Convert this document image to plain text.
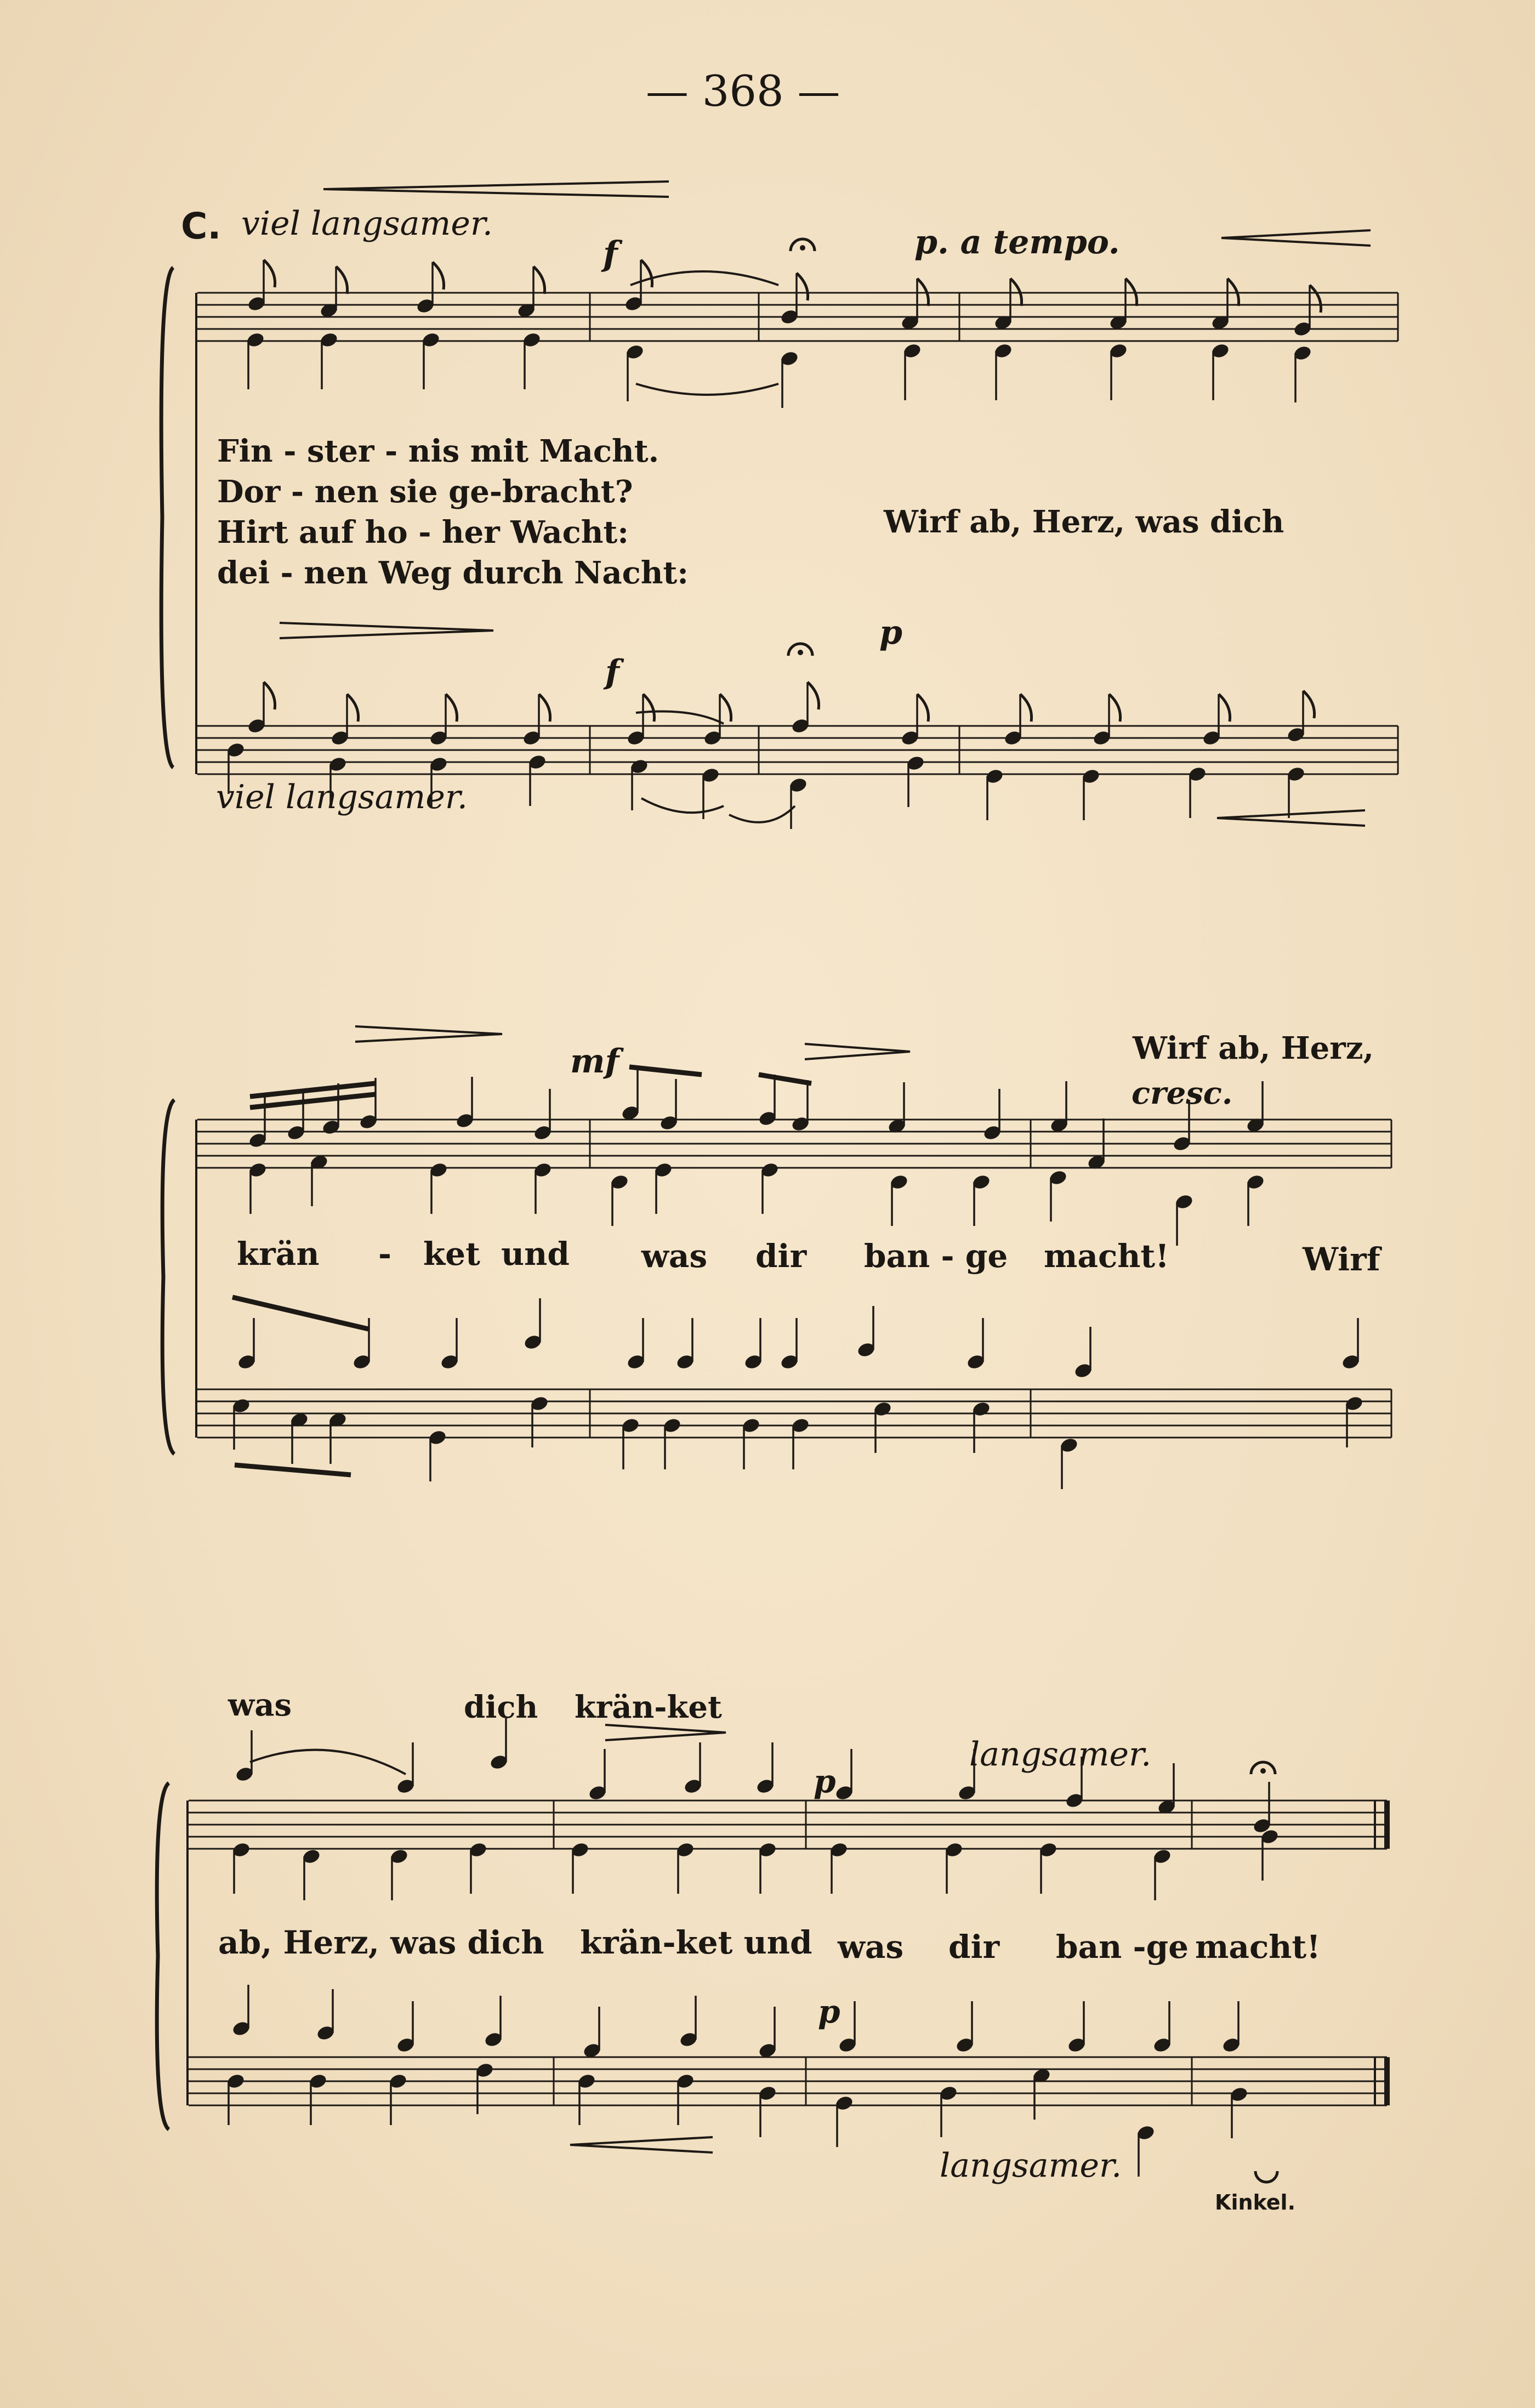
— 368 —
C. viel langsamer.
f	p. a tempo.
Fin - ster - nis mit Macht.
Dor - nen sie ge-bracht?
Hirt auf ho - her Wacht:
dei - nen Weg durch Nacht:
Wirf ab, Herz, was dich
f
p
viel langsamer.
mf	Wirf ab, Herz,
cresc.
krän - ket und was dir ban - ge macht!	Wirf
was	dich krän-ket
langsamer.
p
ab, Herz, was dich krän-ket und was dir ban -ge macht!
p
langsamer.
Kinkel.
